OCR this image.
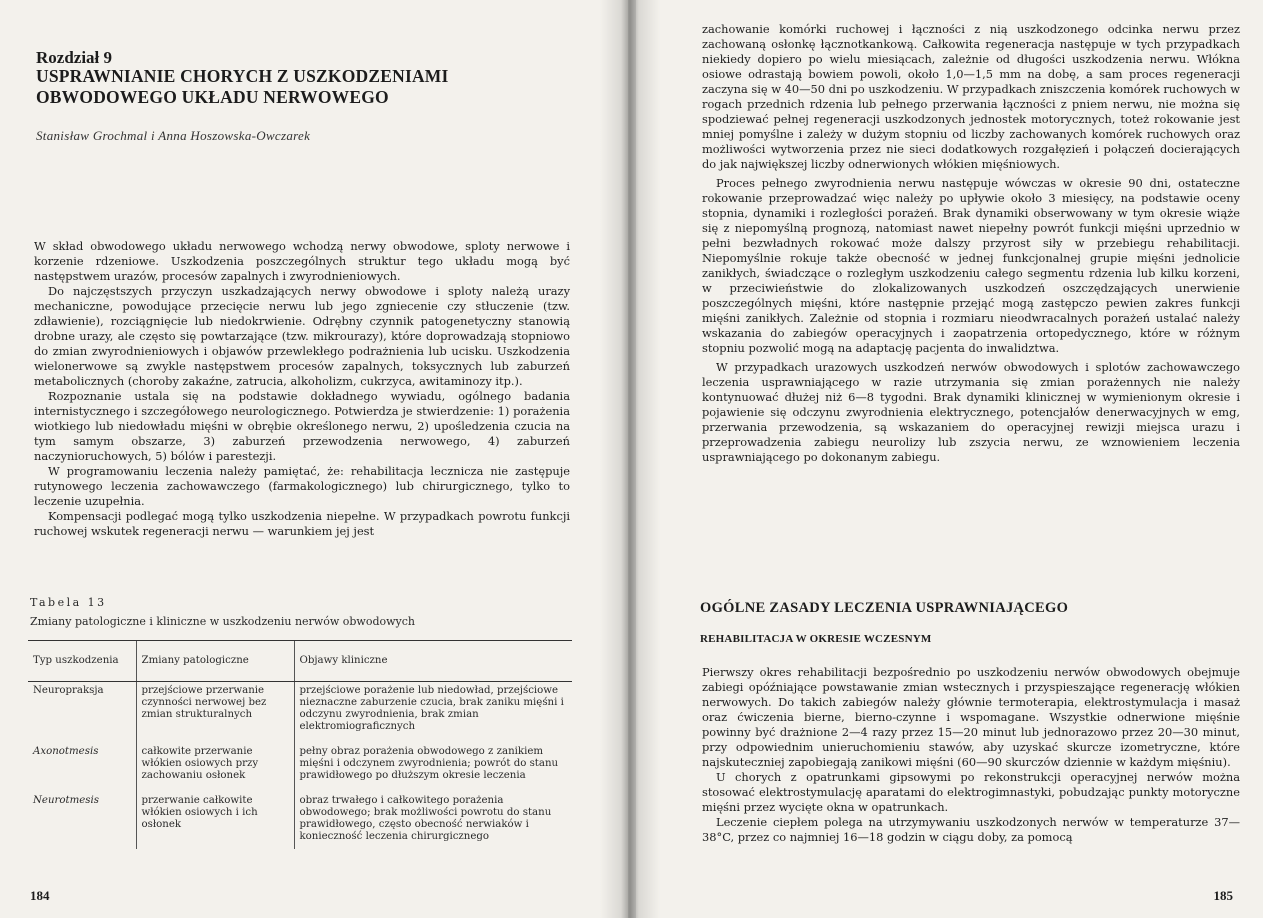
Rozdział 9
USPRAWNIANIE CHORYCH Z USZKODZENIAMI
OBWODOWEGO UKŁADU NERWOWEGO
Stanisław Grochmal i Anna Hoszowska-Owczarek

W skład obwodowego układu nerwowego wchodzą nerwy obwodowe, sploty nerwowe i korzenie rdzeniowe. Uszkodzenia poszczególnych struktur tego układu mogą być następstwem urazów, procesów zapalnych i zwyrodnieniowych.

Do najczęstszych przyczyn uszkadzających nerwy obwodowe i sploty należą urazy mechaniczne, powodujące przecięcie nerwu lub jego zgniecenie czy stłuczenie (tzw. zdławienie), rozciągnięcie lub niedokrwienie. Odrębny czynnik patogenetyczny stanowią drobne urazy, ale często się powtarzające (tzw. mikrourazy), które doprowadzają stopniowo do zmian zwyrodnieniowych i objawów przewlekłego podrażnienia lub ucisku. Uszkodzenia wielonerwowe są zwykle następstwem procesów zapalnych, toksycznych lub zaburzeń metabolicznych (choroby zakaźne, zatrucia, alkoholizm, cukrzyca, awitaminozy itp.).

Rozpoznanie ustala się na podstawie dokładnego wywiadu, ogólnego badania internistycznego i szczegółowego neurologicznego. Potwierdza je stwierdzenie: 1) porażenia wiotkiego lub niedowładu mięśni w obrębie określonego nerwu, 2) upośledzenia czucia na tym samym obszarze, 3) zaburzeń przewodzenia nerwowego, 4) zaburzeń naczynioruchowych, 5) bólów i parestezji.

W programowaniu leczenia należy pamiętać, że: rehabilitacja lecznicza nie zastępuje rutynowego leczenia zachowawczego (farmakologicznego) lub chirurgicznego, tylko to leczenie uzupełnia.

Kompensacji podlegać mogą tylko uszkodzenia niepełne. W przypadkach powrotu funkcji ruchowej wskutek regeneracji nerwu — warunkiem jej jest

Tabela 13
Zmiany patologiczne i kliniczne w uszkodzeniu nerwów obwodowych
Typ uszkodzenia	Zmiany patologiczne	Objawy kliniczne
Neuropraksja	przejściowe przerwanie czynności nerwowej bez zmian strukturalnych	przejściowe porażenie lub niedowład, przejściowe nieznaczne zaburzenie czucia, brak zaniku mięśni i odczynu zwyrodnienia, brak zmian elektromiograficznych
Axonotmesis	całkowite przerwanie włókien osiowych przy zachowaniu osłonek	pełny obraz porażenia obwodowego z zanikiem mięśni i odczynem zwyrodnienia; powrót do stanu prawidłowego po dłuższym okresie leczenia
Neurotmesis	przerwanie całkowite włókien osiowych i ich osłonek	obraz trwałego i całkowitego porażenia obwodowego; brak możliwości powrotu do stanu prawidłowego, często obecność nerwiaków i konieczność leczenia chirurgicznego
184

zachowanie komórki ruchowej i łączności z nią uszkodzonego odcinka nerwu przez zachowaną osłonkę łącznotkankową. Całkowita regeneracja następuje w tych przypadkach niekiedy dopiero po wielu miesiącach, zależnie od długości uszkodzenia nerwu. Włókna osiowe odrastają bowiem powoli, około 1,0—1,5 mm na dobę, a sam proces regeneracji zaczyna się w 40—50 dni po uszkodzeniu. W przypadkach zniszczenia komórek ruchowych w rogach przednich rdzenia lub pełnego przerwania łączności z pniem nerwu, nie można się spodziewać pełnej regeneracji uszkodzonych jednostek motorycznych, toteż rokowanie jest mniej pomyślne i zależy w dużym stopniu od liczby zachowanych komórek ruchowych oraz możliwości wytworzenia przez nie sieci dodatkowych rozgałęzień i połączeń docierających do jak największej liczby odnerwionych włókien mięśniowych.

Proces pełnego zwyrodnienia nerwu następuje wówczas w okresie 90 dni, ostateczne rokowanie przeprowadzać więc należy po upływie około 3 miesięcy, na podstawie oceny stopnia, dynamiki i rozległości porażeń. Brak dynamiki obserwowany w tym okresie wiąże się z niepomyślną prognozą, natomiast nawet niepełny powrót funkcji mięśni uprzednio w pełni bezwładnych rokować może dalszy przyrost siły w przebiegu rehabilitacji. Niepomyślnie rokuje także obecność w jednej funkcjonalnej grupie mięśni jednolicie zanikłych, świadczące o rozległym uszkodzeniu całego segmentu rdzenia lub kilku korzeni, w przeciwieństwie do zlokalizowanych uszkodzeń oszczędzających unerwienie poszczególnych mięśni, które następnie przejąć mogą zastępczo pewien zakres funkcji mięśni zanikłych. Zależnie od stopnia i rozmiaru nieodwracalnych porażeń ustalać należy wskazania do zabiegów operacyjnych i zaopatrzenia ortopedycznego, które w różnym stopniu pozwolić mogą na adaptację pacjenta do inwalidztwa.

W przypadkach urazowych uszkodzeń nerwów obwodowych i splotów zachowawczego leczenia usprawniającego w razie utrzymania się zmian porażennych nie należy kontynuować dłużej niż 6—8 tygodni. Brak dynamiki klinicznej w wymienionym okresie i pojawienie się odczynu zwyrodnienia elektrycznego, potencjałów denerwacyjnych w emg, przerwania przewodzenia, są wskazaniem do operacyjnej rewizji miejsca urazu i przeprowadzenia zabiegu neurolizy lub zszycia nerwu, ze wznowieniem leczenia usprawniającego po dokonanym zabiegu.

OGÓLNE ZASADY LECZENIA USPRAWNIAJĄCEGO
REHABILITACJA W OKRESIE WCZESNYM

Pierwszy okres rehabilitacji bezpośrednio po uszkodzeniu nerwów obwodowych obejmuje zabiegi opóźniające powstawanie zmian wstecznych i przyspieszające regenerację włókien nerwowych. Do takich zabiegów należy głównie termoterapia, elektrostymulacja i masaż oraz ćwiczenia bierne, bierno-czynne i wspomagane. Wszystkie odnerwione mięśnie powinny być drażnione 2—4 razy przez 15—20 minut lub jednorazowo przez 20—30 minut, przy odpowiednim unieruchomieniu stawów, aby uzyskać skurcze izometryczne, które najskuteczniej zapobiegają zanikowi mięśni (60—90 skurczów dziennie w każdym mięśniu).

U chorych z opatrunkami gipsowymi po rekonstrukcji operacyjnej nerwów można stosować elektrostymulację aparatami do elektrogimnastyki, pobudzając punkty motoryczne mięśni przez wycięte okna w opatrunkach.

Leczenie ciepłem polega na utrzymywaniu uszkodzonych nerwów w temperaturze 37—38°C, przez co najmniej 16—18 godzin w ciągu doby, za pomocą

185
